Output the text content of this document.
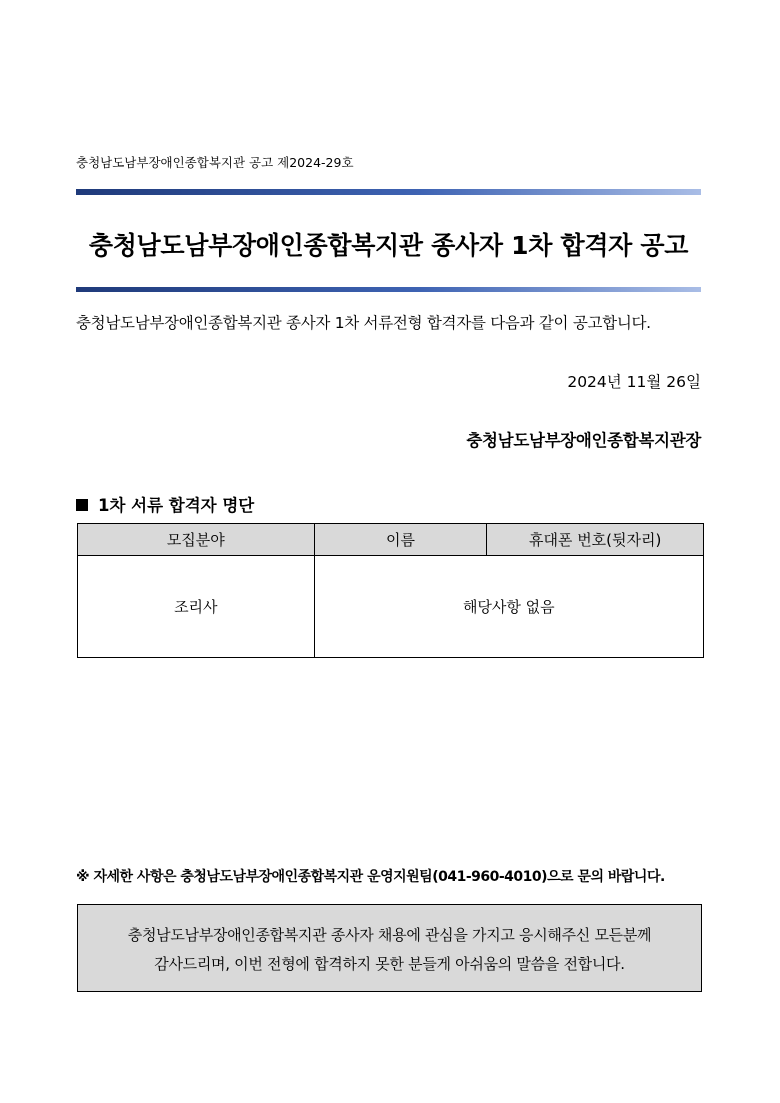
충청남도남부장애인종합복지관 공고 제2024-29호
충청남도남부장애인종합복지관 종사자 1차 합격자 공고
충청남도남부장애인종합복지관 종사자 1차 서류전형 합격자를 다음과 같이 공고합니다.
2024년 11월 26일
충청남도남부장애인종합복지관장
1차 서류 합격자 명단
모집분야	이름	휴대폰 번호(뒷자리)
조리사	해당사항 없음	
※ 자세한 사항은 충청남도남부장애인종합복지관 운영지원팀(041-960-4010)으로 문의 바랍니다.
충청남도남부장애인종합복지관 종사자 채용에 관심을 가지고 응시해주신 모든분께
감사드리며, 이번 전형에 합격하지 못한 분들게 아쉬움의 말씀을 전합니다.
